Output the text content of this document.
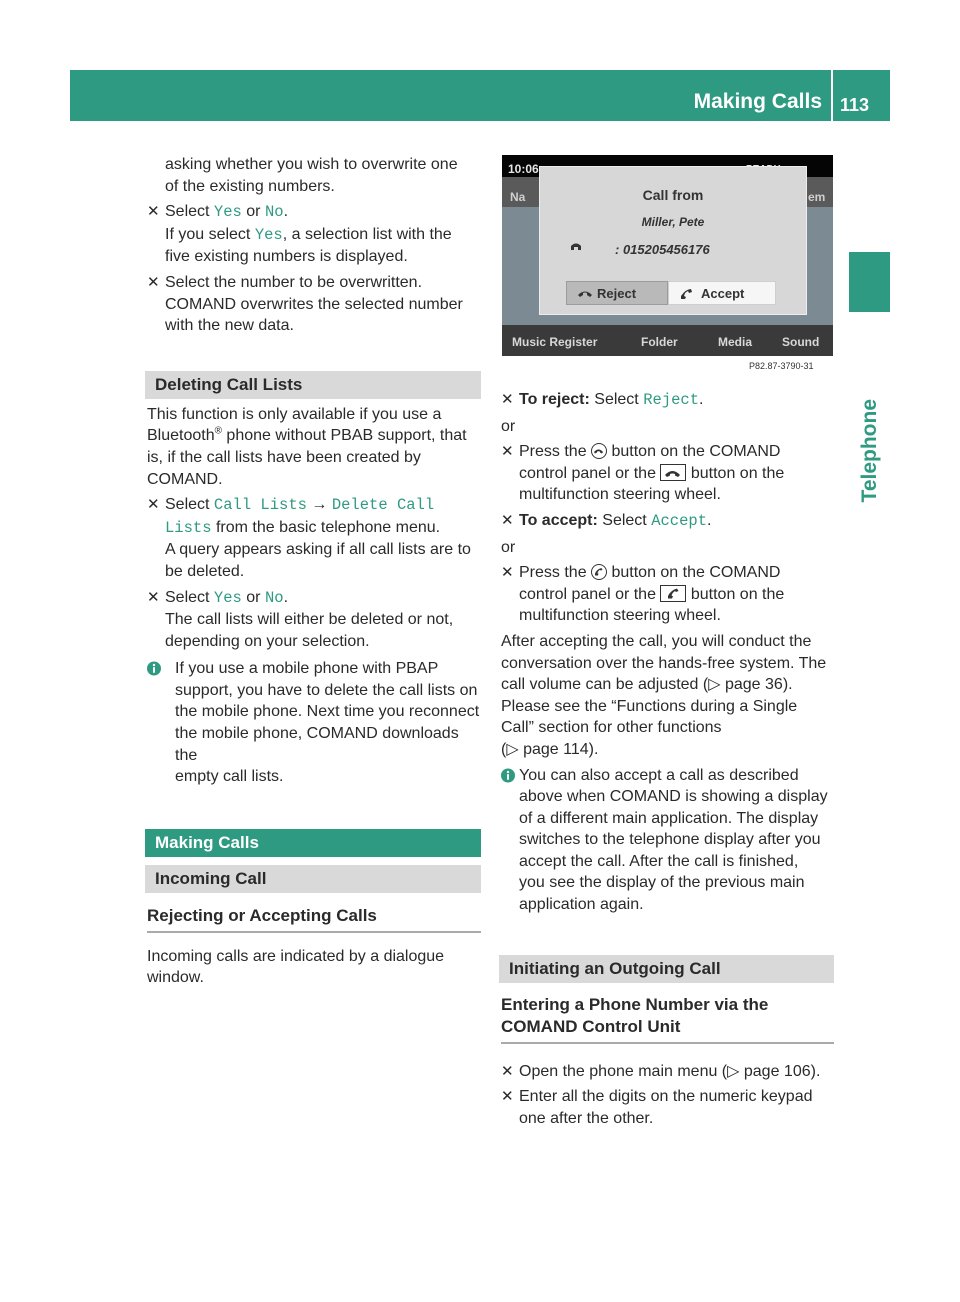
Making Calls 113
Telephone

asking whether you wish to overwrite one
of the existing numbers.

✕ Select Yes or No.
If you select Yes, a selection list with the
five existing numbers is displayed.

✕ Select the number to be overwritten.
COMAND overwrites the selected number
with the new data.

Deleting Call Lists

This function is only available if you use a
Bluetooth® phone without PBAB support, that
is, if the call lists have been created by
COMAND.

✕ Select Call Lists → Delete Call
Lists from the basic telephone menu.
A query appears asking if all call lists are to
be deleted.

✕ Select Yes or No.
The call lists will either be deleted or not,
depending on your selection.

If you use a mobile phone with PBAP
support, you have to delete the call lists on
the mobile phone. Next time you reconnect
the mobile phone, COMAND downloads the
empty call lists.

Making Calls
Incoming Call
Rejecting or Accepting Calls

Incoming calls are indicated by a dialogue
window.

10:06
Na	em
Music Register	Folder	Media Sound
Call from
Miller, Pete
: 015205456176
Reject	Accept
P82.87-3790-31
✕ To reject: Select Reject.

or

✕ Press the
button on the COMAND
control panel or the
button on the
multifunction steering wheel.

✕ To accept: Select Accept.

or

✕ Press the
button on the COMAND
control panel or the
button on the
multifunction steering wheel.

After accepting the call, you will conduct the
conversation over the hands-free system. The
call volume can be adjusted (▷ page 36).
Please see the “Functions during a Single
Call” section for other functions
(▷ page 114).

You can also accept a call as described
above when COMAND is showing a display
of a different main application. The display
switches to the telephone display after you
accept the call. After the call is finished,
you see the display of the previous main
application again.

Initiating an Outgoing Call
Entering a Phone Number via the
COMAND Control Unit
✕ Open the phone main menu (▷ page 106).

✕ Enter all the digits on the numeric keypad
one after the other.
